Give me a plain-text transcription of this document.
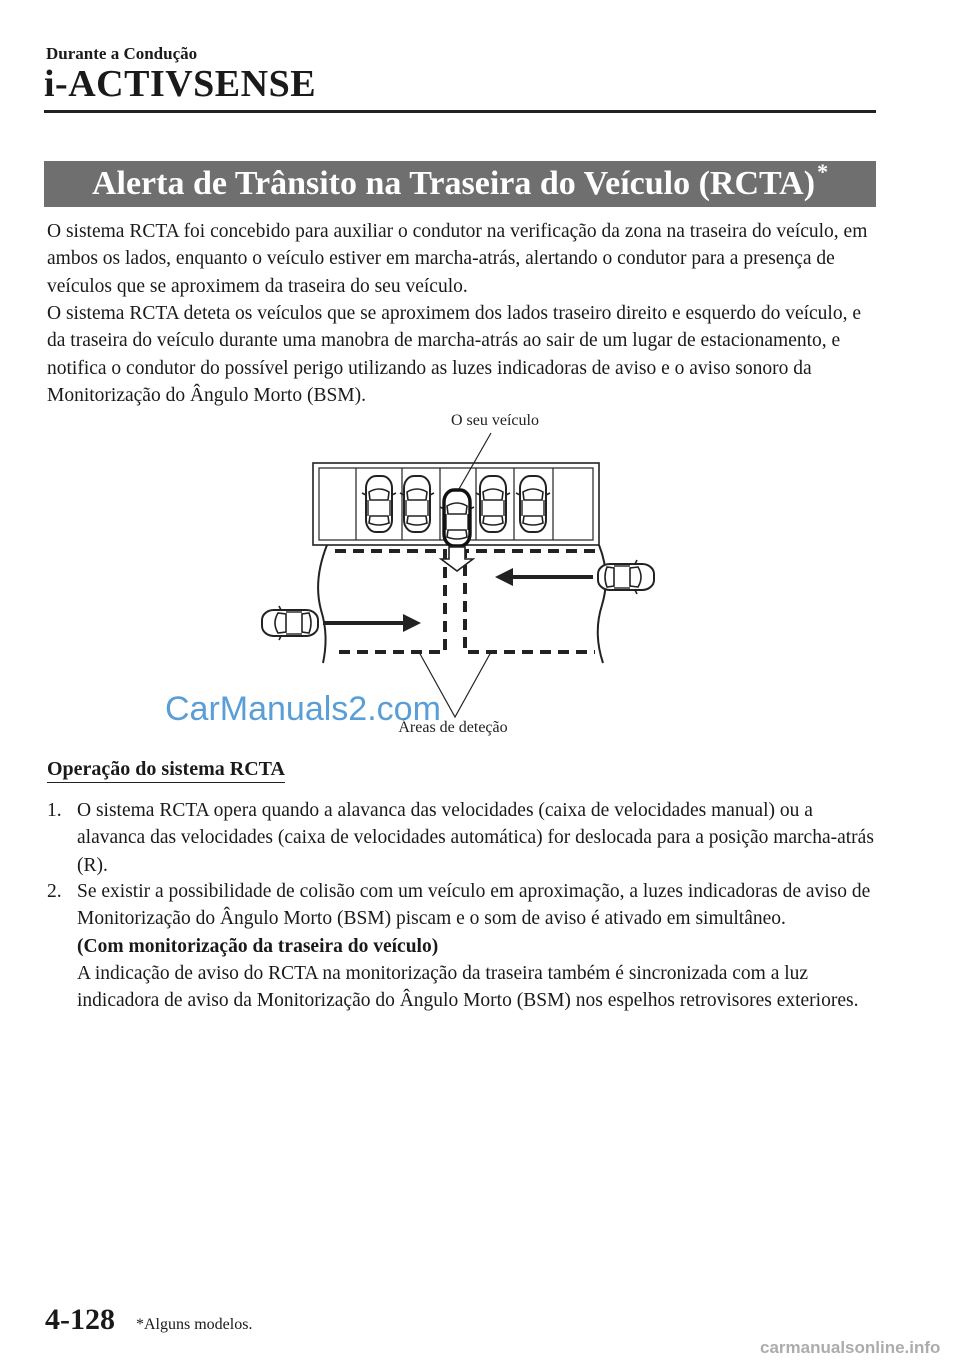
Durante a Condução
i-ACTIVSENSE
Alerta de Trânsito na Traseira do Veículo (RCTA) *
O sistema RCTA foi concebido para auxiliar o condutor na verificação da zona na traseira do veículo, em ambos os lados, enquanto o veículo estiver em marcha-atrás, alertando o condutor para a presença de veículos que se aproximem da traseira do seu veículo.
O sistema RCTA deteta os veículos que se aproximem dos lados traseiro direito e esquerdo do veículo, e da traseira do veículo durante uma manobra de marcha-atrás ao sair de um lugar de estacionamento, e notifica o condutor do possível perigo utilizando as luzes indicadoras de aviso e o aviso sonoro da Monitorização do Ângulo Morto (BSM).
O seu veículo
Áreas de deteção
CarManuals2.com
Operação do sistema RCTA
1. O sistema RCTA opera quando a alavanca das velocidades (caixa de velocidades manual) ou a alavanca das velocidades (caixa de velocidades automática) for deslocada para a posição marcha-atrás (R).
2. Se existir a possibilidade de colisão com um veículo em aproximação, a luzes indicadoras de aviso de Monitorização do Ângulo Morto (BSM) piscam e o som de aviso é ativado em simultâneo.
(Com monitorização da traseira do veículo)
A indicação de aviso do RCTA na monitorização da traseira também é sincronizada com a luz indicadora de aviso da Monitorização do Ângulo Morto (BSM) nos espelhos retrovisores exteriores.
4-128 *Alguns modelos.
carmanualsonline.info
